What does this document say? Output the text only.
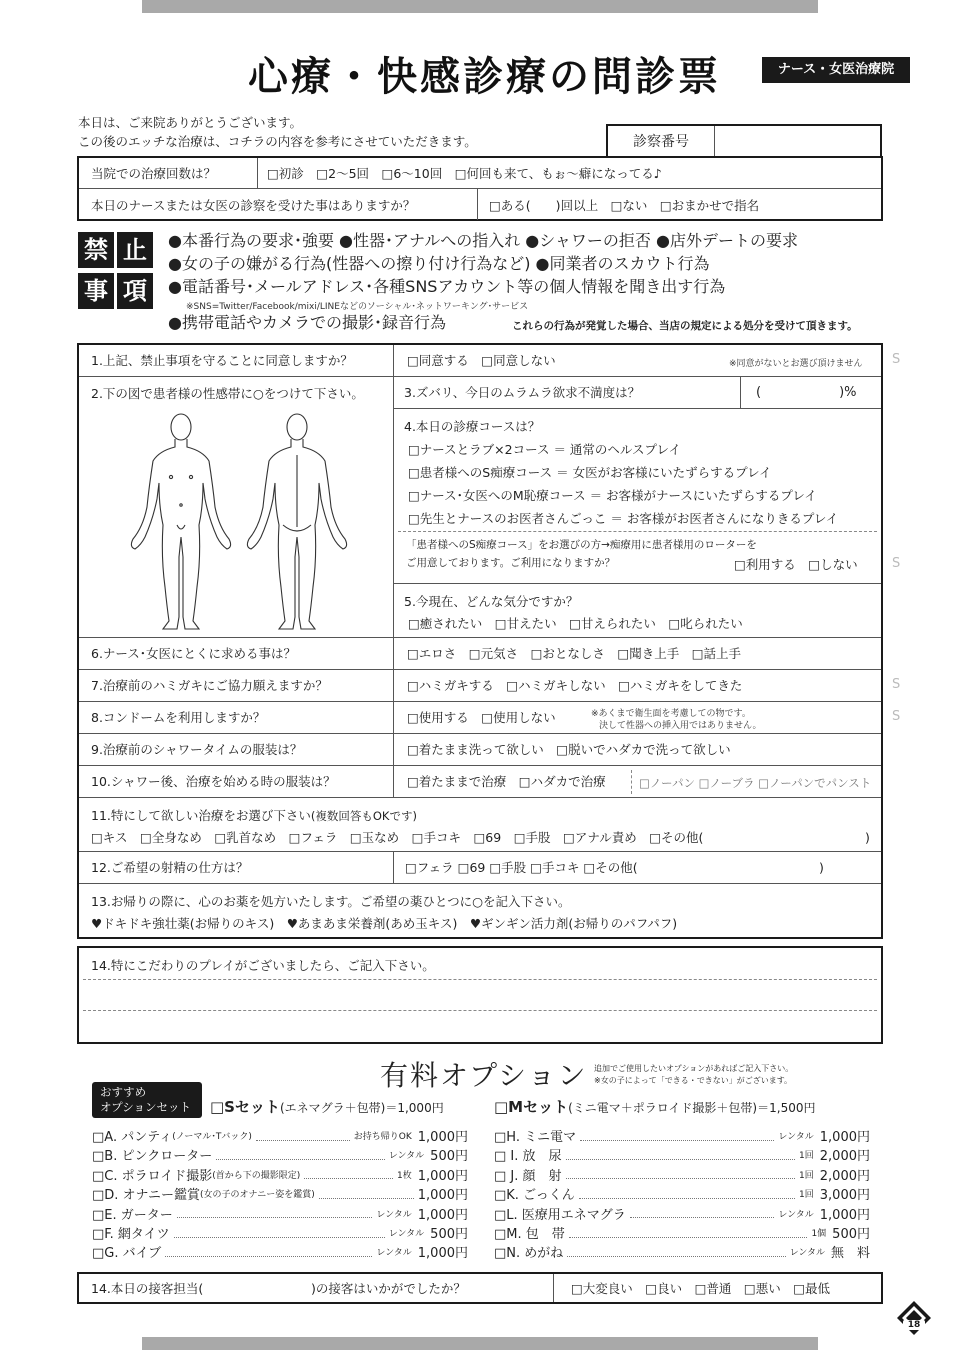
心療・快感診療の問診票	ナース・女医治療院
本日は、ご来院ありがとうございます。
この後のエッチな治療は、コチラの内容を参考にさせていただきます。	診察番号
当院での治療回数は？	□初診　□2～5回　□6～10回　□何回も来て、もぉ～癖になってる♪
本日のナースまたは女医の診察を受けた事はありますか？	□ある(　　)回以上　□ない　□おまかせで指名
禁 止
事 項
●本番行為の要求･強要 ●性器･アナルへの指入れ ●シャワーの拒否 ●店外デートの要求
●女の子の嫌がる行為(性器への擦り付け行為など) ●同業者のスカウト行為
●電話番号･メールアドレス･各種SNSアカウント等の個人情報を聞き出す行為
※SNS=Twitter/Facebook/mixi/LINEなどのソーシャル･ネットワーキング･サービス
●携帯電話やカメラでの撮影･録音行為	これらの行為が発覚した場合、当店の規定による処分を受けて頂きます。
1.上記、禁止事項を守ることに同意しますか？	□同意する　□同意しない	※同意がないとお選び頂けません
2.下の図で患者様の性感帯に○をつけて下さい。	3.ズバリ、今日のムラムラ欲求不満度は？	(　　　　　　)%
4.本日の診療コースは？
□ナースとラブ×2コース ＝ 通常のヘルスプレイ
□患者様へのS痴療コース ＝ 女医がお客様にいたずらするプレイ
□ナース･女医へのM恥療コース ＝ お客様がナースにいたずらするプレイ
□先生とナースのお医者さんごっこ ＝ お客様がお医者さんになりきるプレイ
「患者様へのS痴療コース」をお選びの方→痴療用に患者様用のローターを
ご用意しております。ご利用になりますか？	□利用する　□しない
5.今現在、どんな気分ですか？
□癒されたい　□甘えたい　□甘えられたい　□叱られたい
6.ナース･女医にとくに求める事は？	□エロさ　□元気さ　□おとなしさ　□聞き上手　□話上手
7.治療前のハミガキにご協力願えますか？	□ハミガキする　□ハミガキしない　□ハミガキをしてきた
8.コンドームを利用しますか？	□使用する　□使用しない	※あくまで衛生面を考慮しての物です。
決して性器への挿入用ではありません。
9.治療前のシャワータイムの服装は？	□着たまま洗って欲しい　□脱いでハダカで洗って欲しい
10.シャワー後、治療を始める時の服装は？	□着たままで治療　□ハダカで治療	□ノーパン □ノーブラ □ノーパンでパンスト
11.特にして欲しい治療をお選び下さい(複数回答もOKです)
□キス　□全身なめ　□乳首なめ　□フェラ　□玉なめ　□手コキ　□69　□手股　□アナル責め　□その他(	)
12.ご希望の射精の仕方は？	□フェラ □69 □手股 □手コキ □その他(	)
13.お帰りの際に、心のお薬を処方いたします。ご希望の薬ひとつに○を記入下さい。
♥ドキドキ強壮薬(お帰りのキス)　♥あまあま栄養剤(あめ玉キス)　♥ギンギン活力剤(お帰りのパフパフ)
S
S
S
S
14.特にこだわりのプレイがございましたら、ご記入下さい。
有料オプション 追加でご使用したいオプションがあればご記入下さい。
※女の子によって「できる・できない」がございます。
おすすめ
オプションセット	□Sセット(エネマグラ＋包帯)＝1,000円	□Mセット(ミニ電マ＋ポラロイド撮影＋包帯)＝1,500円
□A. パンティ (ノーマル･Tバック)	お持ち帰りOK 1,000円
□B. ピンクローター	レンタル 500円
□C. ポラロイド撮影 (首から下の撮影限定)	1枚 1,000円
□D. オナニー鑑賞 (女の子のオナニー姿を鑑賞)	1,000円
□E. ガーター	レンタル 1,000円
□F. 網タイツ	レンタル 500円
□G. バイブ	レンタル 1,000円
□H. ミニ電マ	レンタル 1,000円
□ I. 放　尿	1回 2,000円
□ J. 顔　射	1回 2,000円
□K. ごっくん	1回 3,000円
□L. 医療用エネマグラ	レンタル 1,000円
□M. 包　帯	1個 500円
□N. めがね	レンタル 無　料
14.本日の接客担当(	)の接客はいかがでしたか？	□大変良い　□良い　□普通　□悪い　□最低
18
